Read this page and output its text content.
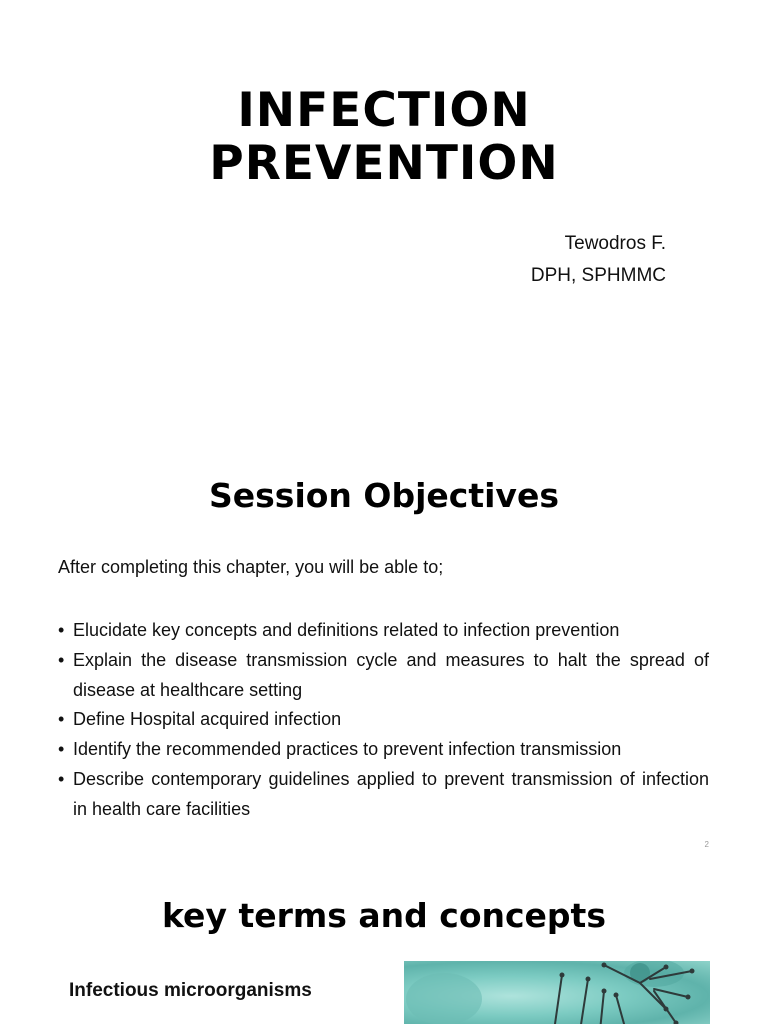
INFECTION
PREVENTION
Tewodros F.
DPH, SPHMMC
Session Objectives
After completing this chapter, you will be able to;
• Elucidate key concepts and definitions related to infection prevention
• Explain the disease transmission cycle and measures to halt the spread of disease at healthcare setting
• Define Hospital acquired infection
• Identify the recommended practices to prevent infection transmission
• Describe contemporary guidelines applied to prevent transmission of infection in health care facilities
2
key terms and concepts
Infectious microorganisms
